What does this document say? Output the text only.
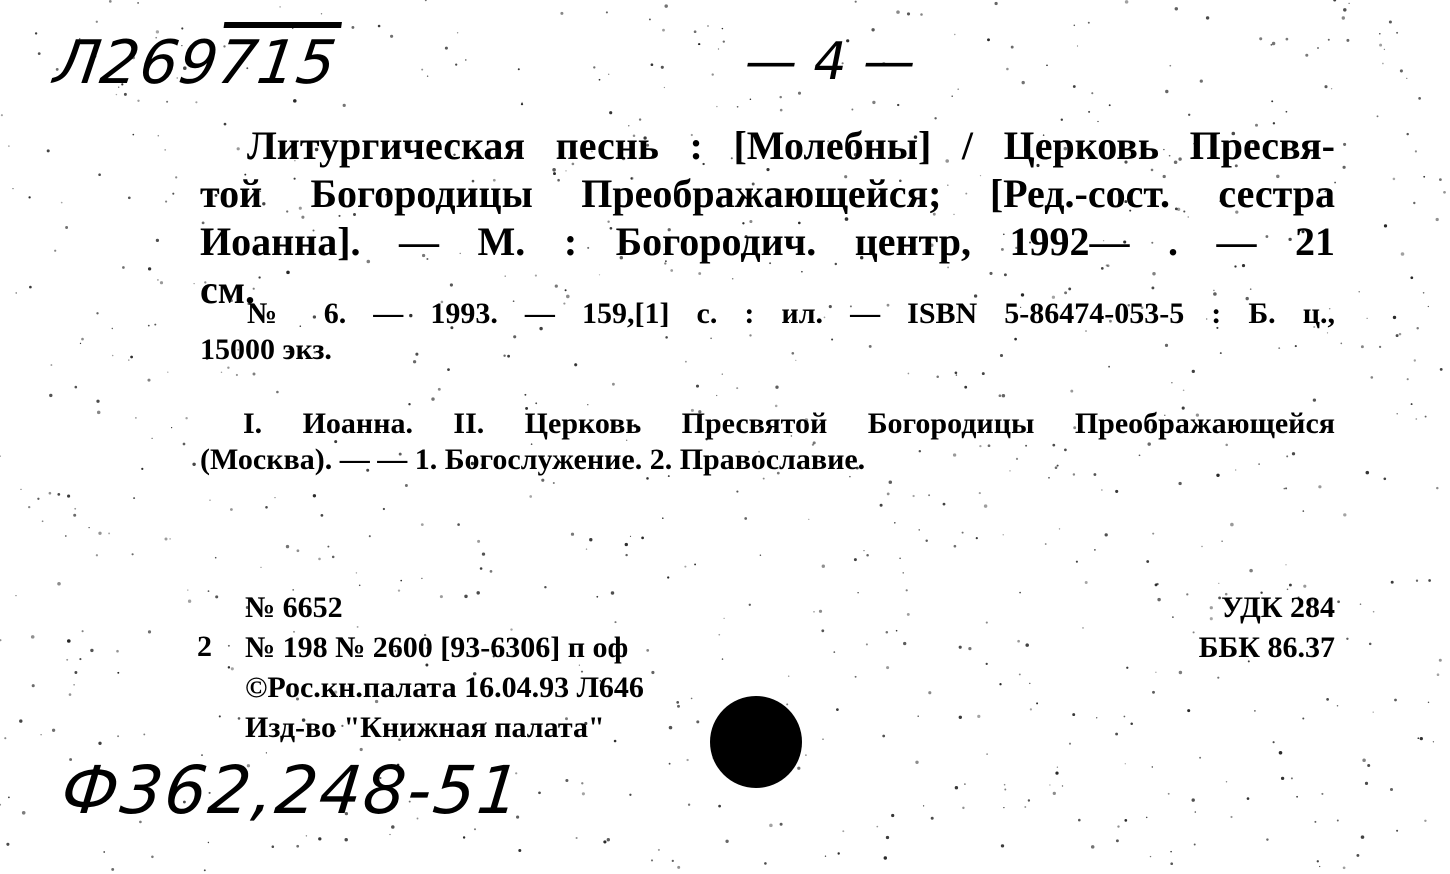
Л269715	— 4 —
Литургическая песнь : [Молебны] / Церковь Пресвя-
той Богородицы Преображающейся; [Ред.-сост. сестра
Иоанна]. — М. : Богородич. центр, 1992— . — 21
см.
№ 6. — 1993. — 159,[1] с. : ил. — ISBN 5-86474-053-5 : Б. ц.,
15000 экз.
I. Иоанна. II. Церковь Пресвятой Богородицы Преображающейся
(Москва). — — 1. Богослужение. 2. Православие.
2
№ 6652
№ 198 № 2600 [93-6306] п оф
©Рос.кн.палата 16.04.93 Л646
Изд-во "Книжная палата"
УДК 284
ББК 86.37
Ф362,248-51
